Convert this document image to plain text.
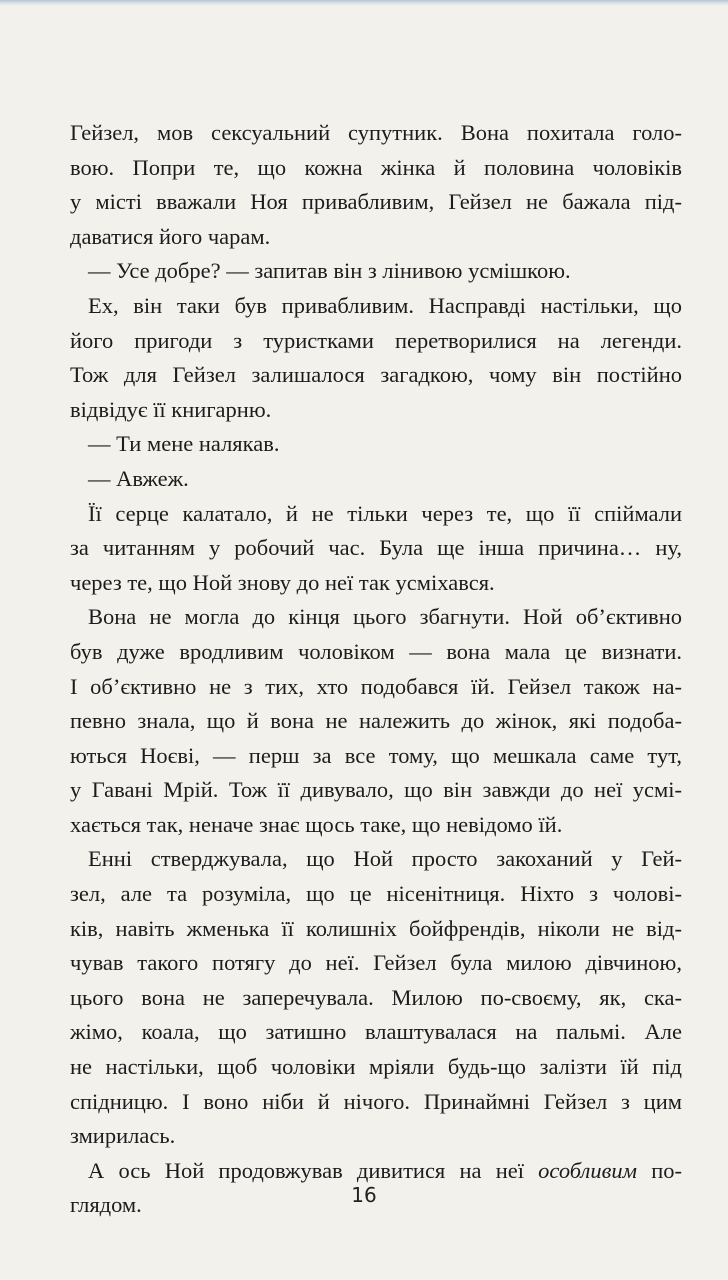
Гейзел, мов сексуальний супутник. Вона похитала голо-
вою. Попри те, що кожна жінка й половина чоловіків
у місті вважали Ноя привабливим, Гейзел не бажала під-
даватися його чарам.
— Усе добре? — запитав він з лінивою усмішкою.
Ех, він таки був привабливим. Насправді настільки, що
його пригоди з туристками перетворилися на легенди.
Тож для Гейзел залишалося загадкою, чому він постійно
відвідує її книгарню.
— Ти мене налякав.
— Авжеж.
Її серце калатало, й не тільки через те, що її спіймали
за читанням у робочий час. Була ще інша причина… ну,
через те, що Ной знову до неї так усміхався.
Вона не могла до кінця цього збагнути. Ной об’єктивно
був дуже вродливим чоловіком — вона мала це визнати.
І об’єктивно не з тих, хто подобався їй. Гейзел також на-
певно знала, що й вона не належить до жінок, які подоба-
ються Ноєві, — перш за все тому, що мешкала саме тут,
у Гавані Мрій. Тож її дивувало, що він завжди до неї усмі-
хається так, неначе знає щось таке, що невідомо їй.
Енні стверджувала, що Ной просто закоханий у Гей-
зел, але та розуміла, що це нісенітниця. Ніхто з чолові-
ків, навіть жменька її колишніх бойфрендів, ніколи не від-
чував такого потягу до неї. Гейзел була милою дівчиною,
цього вона не заперечувала. Милою по-своєму, як, ска-
жімо, коала, що затишно влаштувалася на пальмі. Але
не настільки, щоб чоловіки мріяли будь-що залізти їй під
спідницю. І воно ніби й нічого. Принаймні Гейзел з цим
змирилась.
А ось Ной продовжував дивитися на неї особливим по-
глядом.	16
